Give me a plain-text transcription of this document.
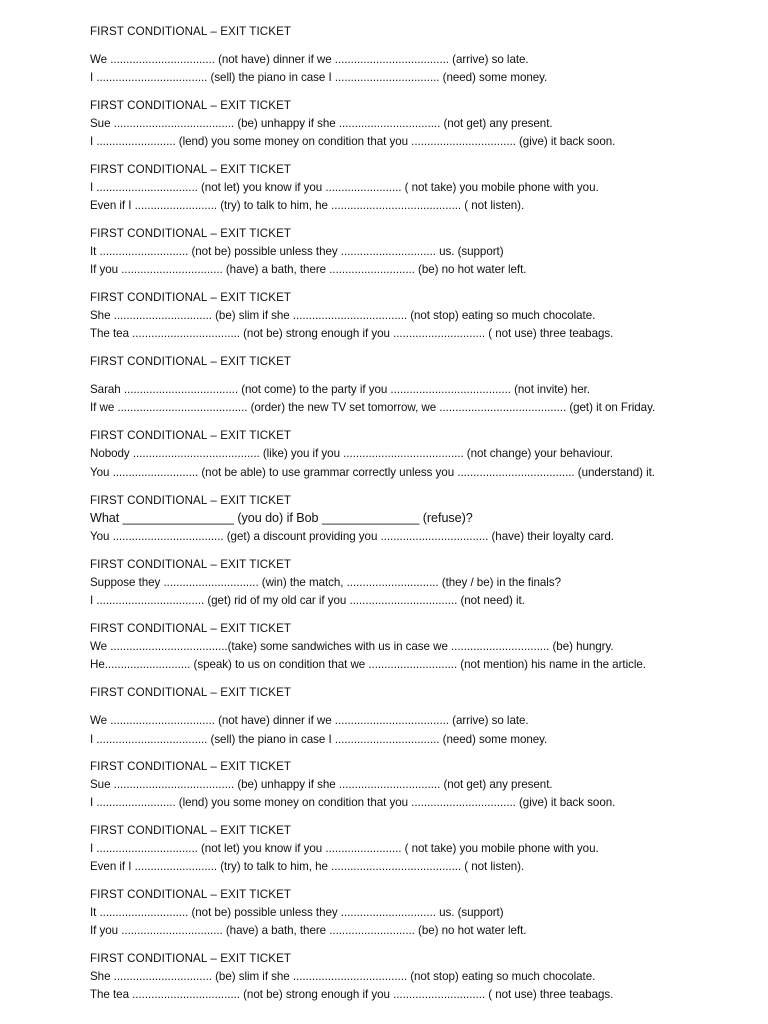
FIRST CONDITIONAL – EXIT TICKET
We ................................. (not have) dinner if we .................................... (arrive) so late.
I ................................... (sell) the piano in case I ................................. (need) some money.
FIRST CONDITIONAL – EXIT TICKET
Sue ...................................... (be) unhappy if she ................................ (not get) any present.
I ......................... (lend) you some money on condition that you ................................. (give) it back soon.
FIRST CONDITIONAL – EXIT TICKET
I ................................ (not let) you know if you ........................ ( not take) you mobile phone with you.
Even if I .......................... (try) to talk to him, he ......................................... ( not listen).
FIRST CONDITIONAL – EXIT TICKET
It ............................ (not be) possible unless they .............................. us. (support)
If you ................................ (have) a bath, there ........................... (be) no hot water left.
FIRST CONDITIONAL – EXIT TICKET
She ............................... (be) slim if she .................................... (not stop) eating so much chocolate.
The tea .................................. (not be) strong enough if you ............................. ( not use) three teabags.
FIRST CONDITIONAL – EXIT TICKET
Sarah .................................... (not come) to the party if you ...................................... (not invite) her.
If we ......................................... (order) the new TV set tomorrow, we ........................................ (get) it on Friday.
FIRST CONDITIONAL – EXIT TICKET
Nobody ........................................ (like) you if you ...................................... (not change) your behaviour.
You ........................... (not be able) to use grammar correctly unless you ..................................... (understand) it.
FIRST CONDITIONAL – EXIT TICKET
What ________________ (you do) if Bob ______________ (refuse)?
You ................................... (get) a discount providing you .................................. (have) their loyalty card.
FIRST CONDITIONAL – EXIT TICKET
Suppose they .............................. (win) the match, ............................. (they / be) in the finals?
I .................................. (get) rid of my old car if you .................................. (not need) it.
FIRST CONDITIONAL – EXIT TICKET
We .....................................(take) some sandwiches with us in case we ............................... (be) hungry.
He........................... (speak) to us on condition that we ............................ (not mention) his name in the article.
FIRST CONDITIONAL – EXIT TICKET
We ................................. (not have) dinner if we .................................... (arrive) so late.
I ................................... (sell) the piano in case I ................................. (need) some money.
FIRST CONDITIONAL – EXIT TICKET
Sue ...................................... (be) unhappy if she ................................ (not get) any present.
I ......................... (lend) you some money on condition that you ................................. (give) it back soon.
FIRST CONDITIONAL – EXIT TICKET
I ................................ (not let) you know if you ........................ ( not take) you mobile phone with you.
Even if I .......................... (try) to talk to him, he ......................................... ( not listen).
FIRST CONDITIONAL – EXIT TICKET
It ............................ (not be) possible unless they .............................. us. (support)
If you ................................ (have) a bath, there ........................... (be) no hot water left.
FIRST CONDITIONAL – EXIT TICKET
She ............................... (be) slim if she .................................... (not stop) eating so much chocolate.
The tea .................................. (not be) strong enough if you ............................. ( not use) three teabags.
